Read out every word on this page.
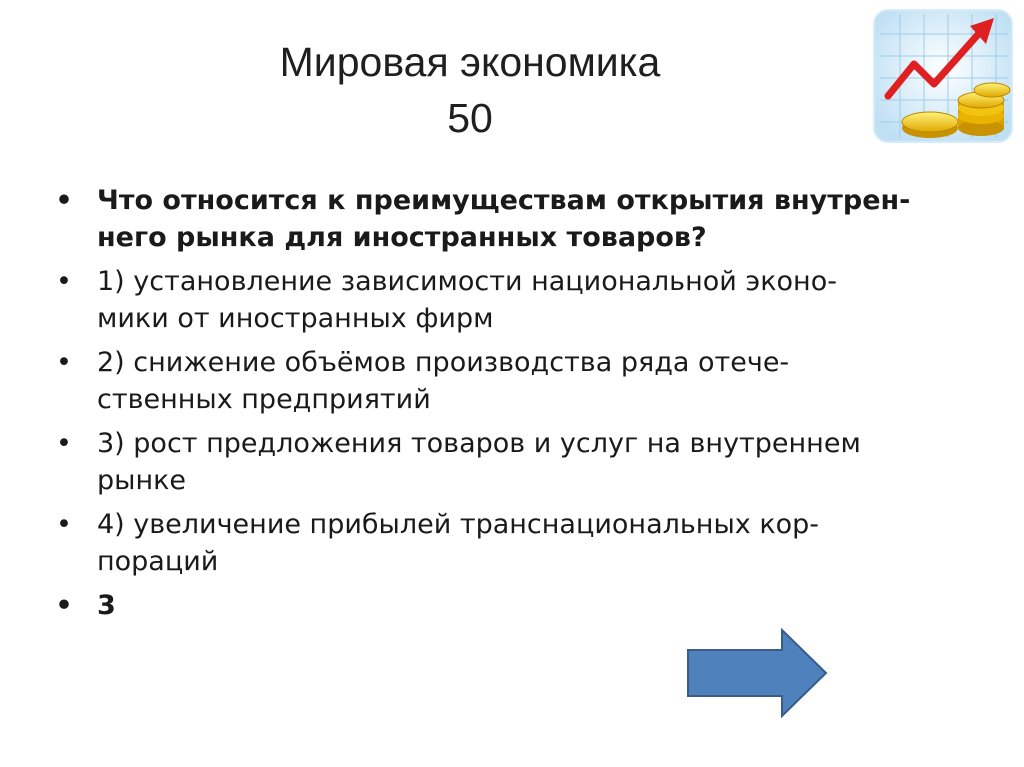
Мировая экономика
50
• Что относится к преимуществам открытия внутрен-
него рынка для иностранных товаров?
• 1) установление зависимости национальной эконо-
мики от иностранных фирм
• 2) снижение объёмов производства ряда отече-
ственных предприятий
• 3) рост предложения товаров и услуг на внутреннем
рынке
• 4) увеличение прибылей транснациональных кор-
пораций
• 3
